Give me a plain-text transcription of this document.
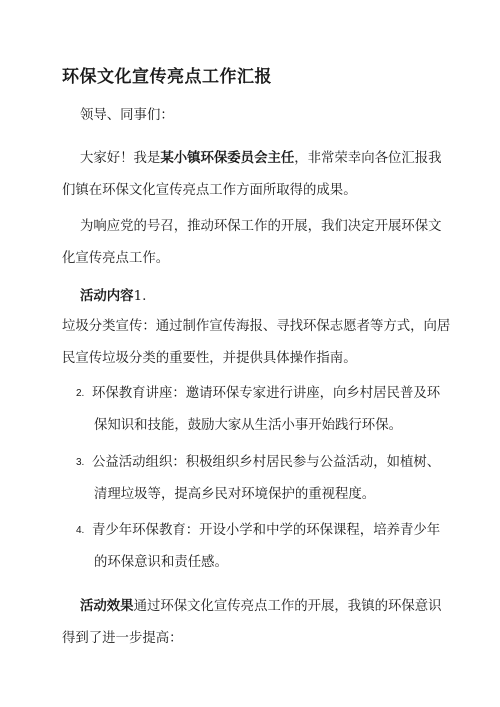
环保文化宣传亮点工作汇报
领导、同事们：
大家好！我是某小镇环保委员会主任，非常荣幸向各位汇报我
们镇在环保文化宣传亮点工作方面所取得的成果。
为响应党的号召，推动环保工作的开展，我们决定开展环保文
化宣传亮点工作。
活动内容1.
垃圾分类宣传：通过制作宣传海报、寻找环保志愿者等方式，向居
民宣传垃圾分类的重要性，并提供具体操作指南。
2. 环保教育讲座：邀请环保专家进行讲座，向乡村居民普及环
保知识和技能，鼓励大家从生活小事开始践行环保。
3. 公益活动组织：积极组织乡村居民参与公益活动，如植树、
清理垃圾等，提高乡民对环境保护的重视程度。
4. 青少年环保教育：开设小学和中学的环保课程，培养青少年
的环保意识和责任感。
活动效果通过环保文化宣传亮点工作的开展，我镇的环保意识
得到了进一步提高：
